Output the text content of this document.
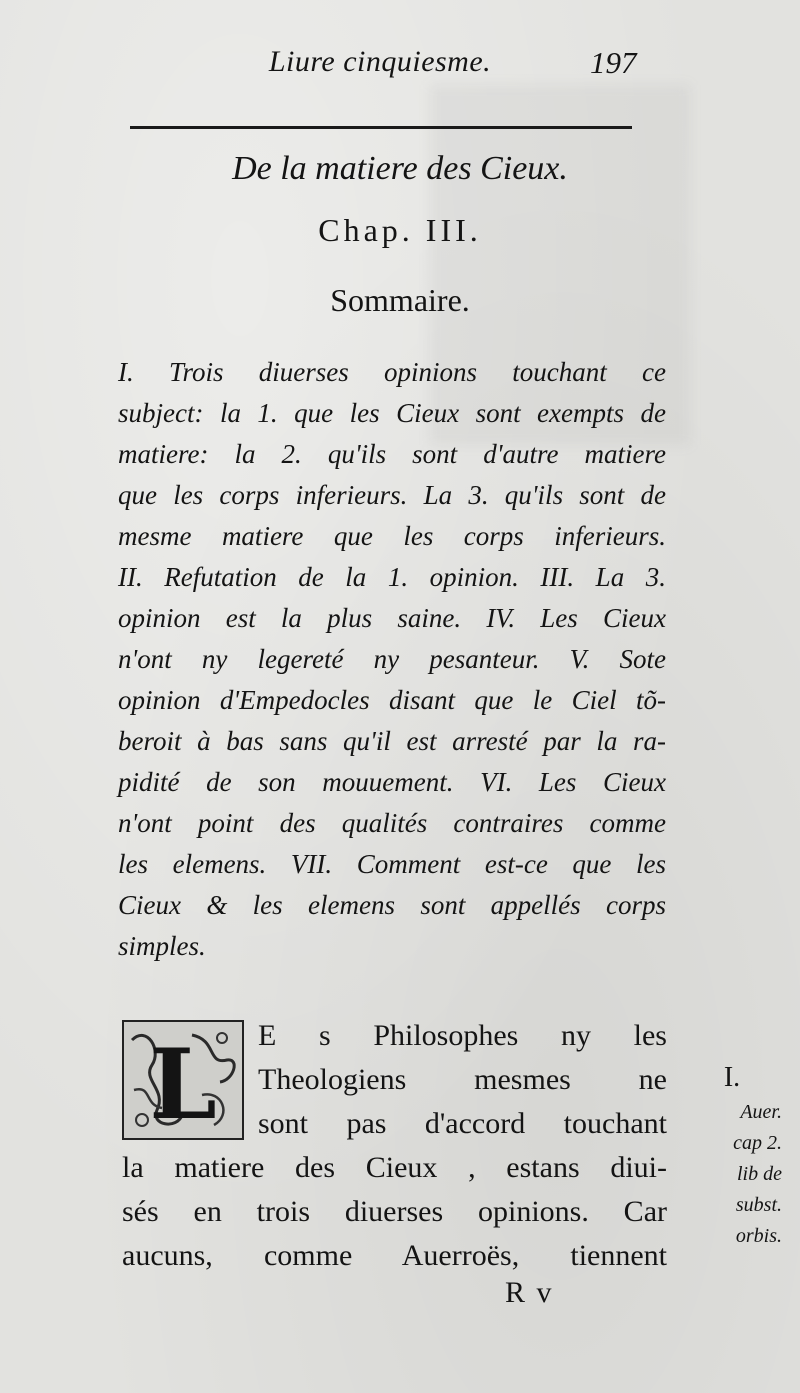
Liure cinquiesme.	197
De la matiere des Cieux.
Chap. III.
Sommaire.
I. Trois diuerses opinions touchant ce
subject: la 1. que les Cieux sont exempts de
matiere: la 2. qu'ils sont d'autre matiere
que les corps inferieurs. La 3. qu'ils sont de
mesme matiere que les corps inferieurs.
II. Refutation de la 1. opinion. III. La 3.
opinion est la plus saine. IV. Les Cieux
n'ont ny legereté ny pesanteur. V. Sote
opinion d'Empedocles disant que le Ciel tõ-
beroit à bas sans qu'il est arresté par la ra-
pidité de son mouuement. VI. Les Cieux
n'ont point des qualités contraires comme
les elemens. VII. Comment est-ce que les
Cieux & les elemens sont appellés corps
simples.
L	E s Philosophes ny les
Theologiens mesmes ne
sont pas d'accord touchant
la matiere des Cieux , estans diui-
sés en trois diuerses opinions. Car
aucuns, comme Auerroës, tiennent
I.
Auer.
cap 2.
lib de
subst.
orbis.
R v
